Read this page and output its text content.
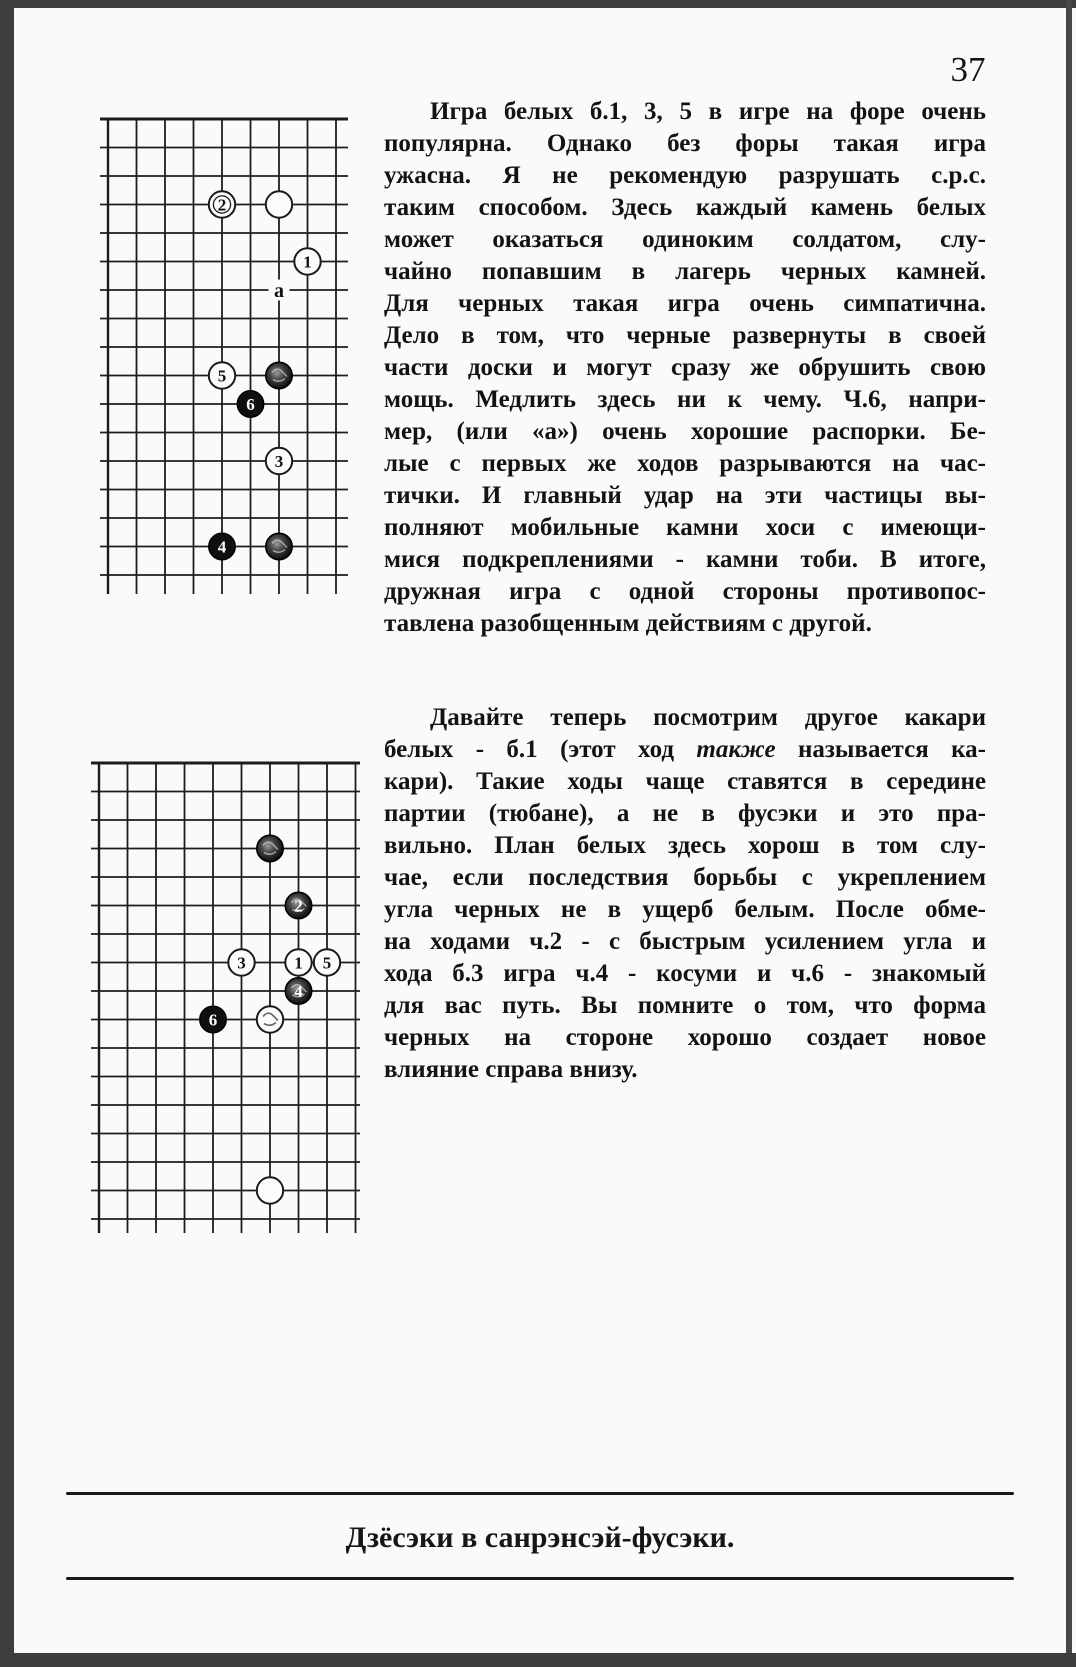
37
2
1
5
6
3
4
a
2
3	1 5
4
6
Игра белых б.1, 3, 5 в игре на форе очень
популярна. Однако без форы такая игра
ужасна. Я не рекомендую разрушать с.р.с.
таким способом. Здесь каждый камень белых
может оказаться одиноким солдатом, слу-
чайно попавшим в лагерь черных камней.
Для черных такая игра очень симпатична.
Дело в том, что черные развернуты в своей
части доски и могут сразу же обрушить свою
мощь. Медлить здесь ни к чему. Ч.6, напри-
мер, (или «а») очень хорошие распорки. Бе-
лые с первых же ходов разрываются на час-
тички. И главный удар на эти частицы вы-
полняют мобильные камни хоси с имеющи-
мися подкреплениями - камни тоби. В итоге,
дружная игра с одной стороны противопос-
тавлена разобщенным действиям с другой.
Давайте теперь посмотрим другое какари
белых - б.1 (этот ход также называется ка-
кари). Такие ходы чаще ставятся в середине
партии (тюбане), а не в фусэки и это пра-
вильно. План белых здесь хорош в том слу-
чае, если последствия борьбы с укреплением
угла черных не в ущерб белым. После обме-
на ходами ч.2 - с быстрым усилением угла и
хода б.3 игра ч.4 - косуми и ч.6 - знакомый
для вас путь. Вы помните о том, что форма
черных на стороне хорошо создает новое
влияние справа внизу.
Дзёсэки в санрэнсэй-фусэки.
